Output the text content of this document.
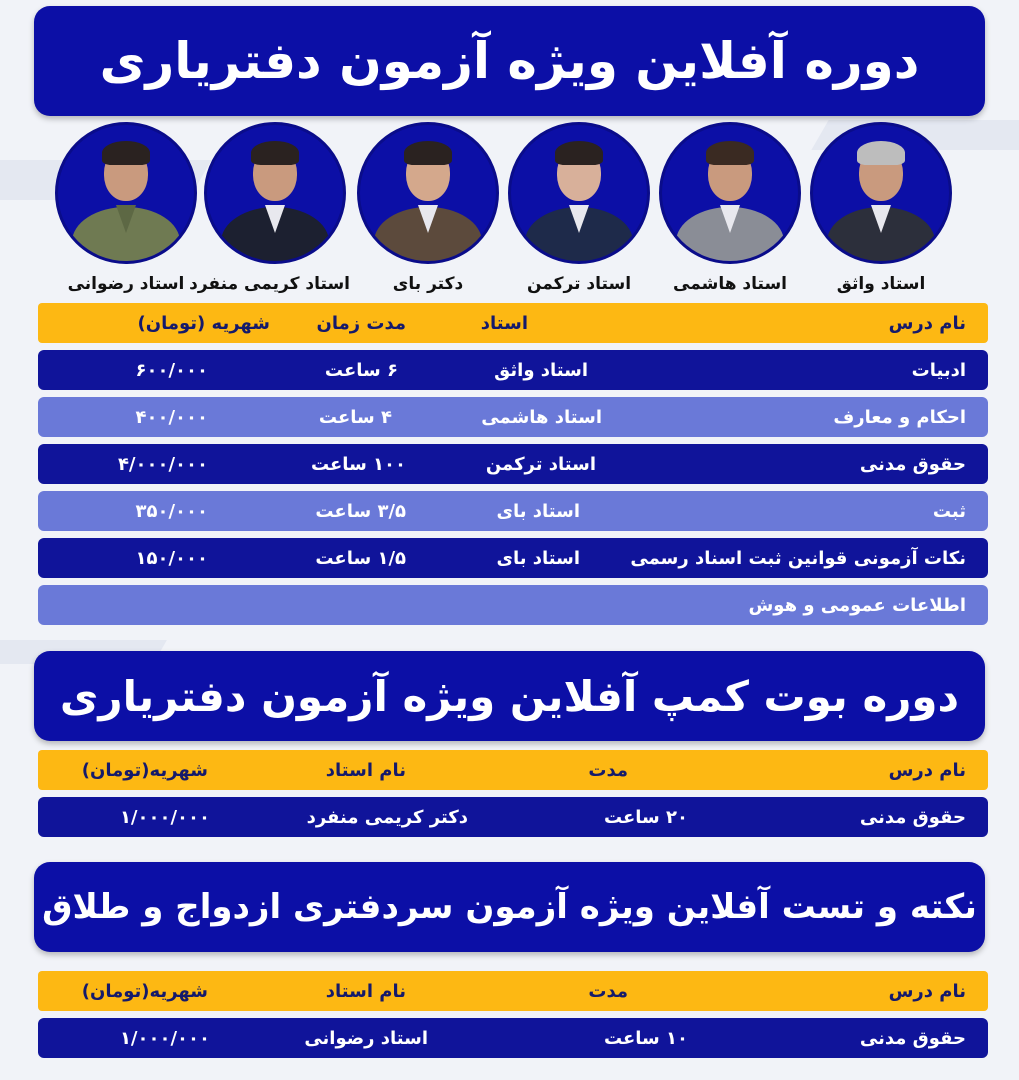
دوره آفلاین ویژه آزمون دفترياری
استاد واثق
استاد هاشمی
استاد ترکمن
دکتر بای
استاد کریمی منفرد
استاد رضوانی
نام درس
استاد
مدت زمان
شهریه (تومان)
ادبیات
استاد واثق
۶ ساعت
۶۰۰/۰۰۰
احکام و معارف
استاد هاشمی
۴ ساعت
۴۰۰/۰۰۰
حقوق مدنی
استاد ترکمن
۱۰۰ ساعت
۴/۰۰۰/۰۰۰
ثبت
استاد بای
۳/۵ ساعت
۳۵۰/۰۰۰
نکات آزمونی قوانین ثبت اسناد رسمی
استاد بای
۱/۵ ساعت
۱۵۰/۰۰۰
اطلاعات عمومی و هوش
دوره بوت کمپ آفلاین ویژه آزمون دفترياری
نام درس
مدت
نام استاد
شهریه(تومان)
حقوق مدنی
۲۰ ساعت
دکتر کریمی منفرد
۱/۰۰۰/۰۰۰
نکته و تست آفلاین ویژه آزمون سردفتری ازدواج و طلاق
نام درس
مدت
نام استاد
شهریه(تومان)
حقوق مدنی
۱۰ ساعت
استاد رضوانی
۱/۰۰۰/۰۰۰
